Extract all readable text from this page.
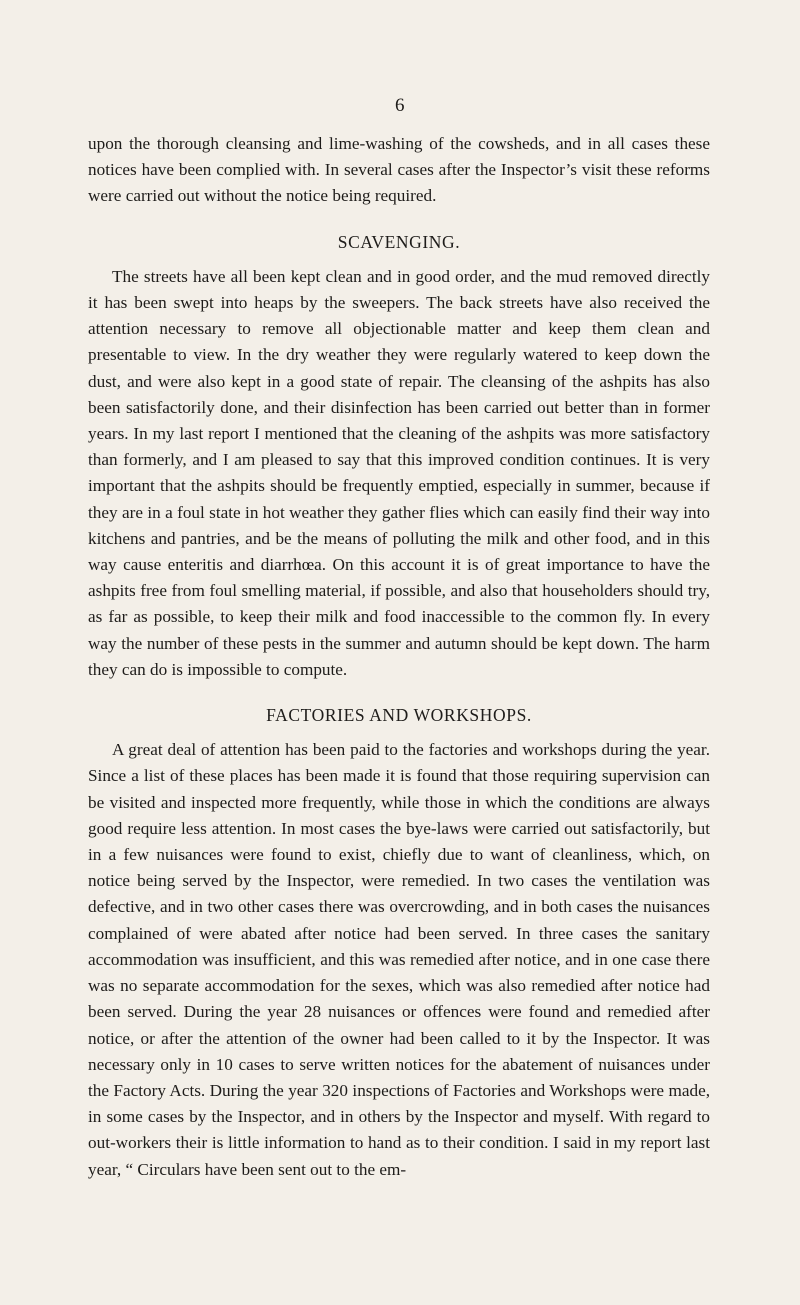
6

upon the thorough cleansing and lime-washing of the cowsheds, and in all cases these notices have been complied with. In several cases after the Inspector’s visit these reforms were carried out without the notice being required.

SCAVENGING.

The streets have all been kept clean and in good order, and the mud removed directly it has been swept into heaps by the sweepers. The back streets have also received the attention necessary to remove all objectionable matter and keep them clean and presentable to view. In the dry weather they were regularly watered to keep down the dust, and were also kept in a good state of repair. The cleansing of the ashpits has also been satisfactorily done, and their disinfection has been carried out better than in former years. In my last report I mentioned that the cleaning of the ashpits was more satisfactory than formerly, and I am pleased to say that this improved condition continues. It is very important that the ashpits should be frequently emptied, especially in summer, because if they are in a foul state in hot weather they gather flies which can easily find their way into kitchens and pantries, and be the means of polluting the milk and other food, and in this way cause enteritis and diarrhœa. On this account it is of great importance to have the ashpits free from foul smelling material, if possible, and also that householders should try, as far as possible, to keep their milk and food inaccessible to the common fly. In every way the number of these pests in the summer and autumn should be kept down. The harm they can do is impossible to compute.

FACTORIES AND WORKSHOPS.

A great deal of attention has been paid to the factories and workshops during the year. Since a list of these places has been made it is found that those requiring supervision can be visited and inspected more frequently, while those in which the conditions are always good require less attention. In most cases the bye-laws were carried out satisfactorily, but in a few nuisances were found to exist, chiefly due to want of cleanliness, which, on notice being served by the Inspector, were remedied. In two cases the ventilation was defective, and in two other cases there was overcrowding, and in both cases the nuisances complained of were abated after notice had been served. In three cases the sanitary accommodation was insufficient, and this was remedied after notice, and in one case there was no separate accommodation for the sexes, which was also remedied after notice had been served. During the year 28 nuisances or offences were found and remedied after notice, or after the attention of the owner had been called to it by the Inspector. It was necessary only in 10 cases to serve written notices for the abatement of nuisances under the Factory Acts. During the year 320 inspections of Factories and Workshops were made, in some cases by the Inspector, and in others by the Inspector and myself. With regard to out-workers their is little information to hand as to their condition. I said in my report last year, “ Circulars have been sent out to the em-
